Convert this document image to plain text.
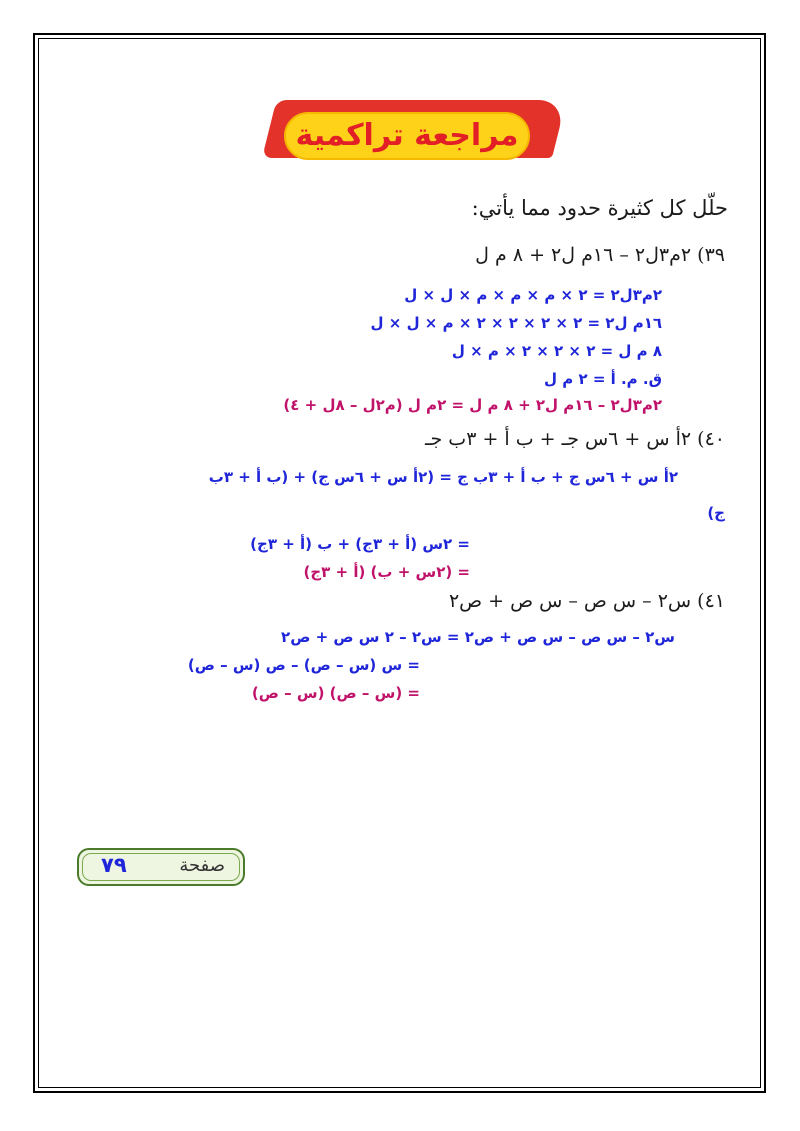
مراجعة تراكمية
حلّل كل كثيرة حدود مما يأتي:
٣٩) ٢م٣ل٢ – ١٦م ل٢ + ٨ م ل
٢م٣ل٢ = ٢ × م × م × م × ل × ل
١٦م ل٢ = ٢ × ٢ × ٢ × ٢ × م × ل × ل
٨ م ل = ٢ × ٢ × ٢ × م × ل
ق. م. أ = ٢ م ل
٢م٣ل٢ – ١٦م ل٢ + ٨ م ل = ٢م ل (م٢ل – ٨ل + ٤)
٤٠) ٢أ س + ٦س جـ + ب أ + ٣ب جـ
٢أ س + ٦س ج + ب أ + ٣ب ج = (٢أ س + ٦س ج) + (ب أ + ٣ب
ج)
= ٢س (أ + ٣ج) + ب (أ + ٣ج)
= (٢س + ب) (أ + ٣ج)
٤١) س٢ – س ص – س ص + ص٢
س٢ – س ص – س ص + ص٢ = س٢ – ٢ س ص + ص٢
= س (س – ص) – ص (س – ص)
= (س – ص) (س – ص)
صفحة
٧٩
